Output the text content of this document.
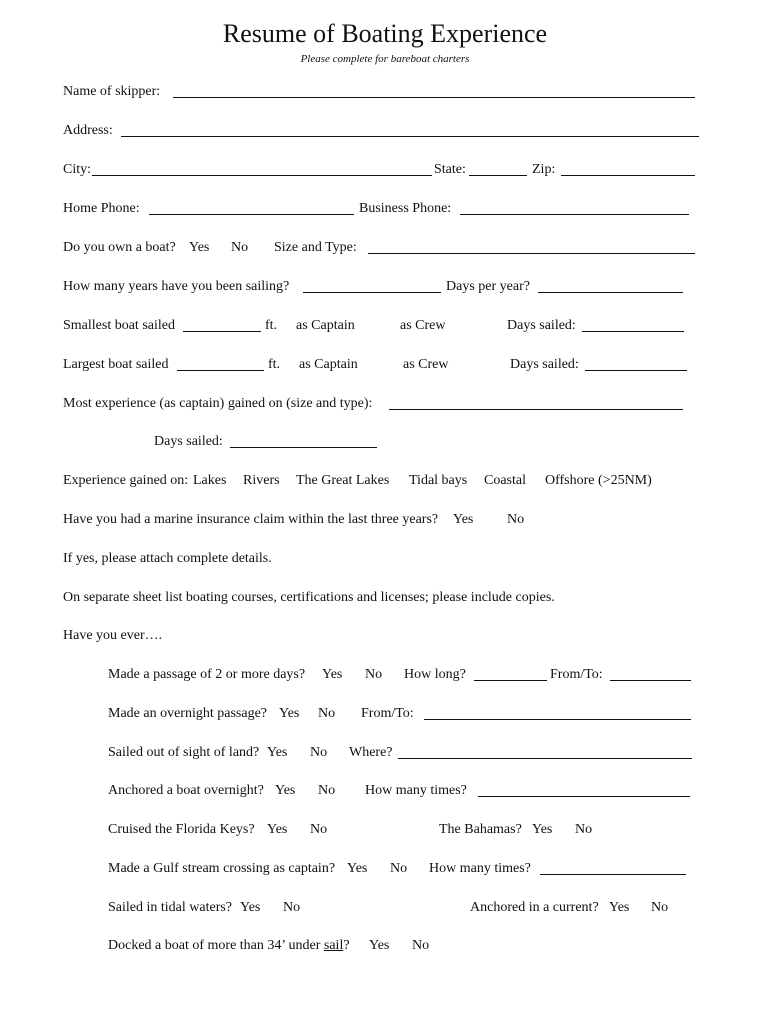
Resume of Boating Experience
Please complete for bareboat charters
Name of skipper:
Address:
City:	State:	Zip:
Home Phone:	Business Phone:
Do you own a boat? Yes No Size and Type:
How many years have you been sailing?	Days per year?
Smallest boat sailed	ft. as Captain	as Crew	Days sailed:
Largest boat sailed	ft. as Captain	as Crew	Days sailed:
Most experience (as captain) gained on (size and type):
Days sailed:
Experience gained on: Lakes Rivers The Great Lakes Tidal bays Coastal Offshore (>25NM)
Have you had a marine insurance claim within the last three years? Yes No
If yes, please attach complete details.
On separate sheet list boating courses, certifications and licenses; please include copies.
Have you ever….
Made a passage of 2 or more days? Yes No How long?	From/To:
Made an overnight passage? Yes No From/To:
Sailed out of sight of land? Yes No Where?
Anchored a boat overnight? Yes No How many times?
Cruised the Florida Keys? Yes No	The Bahamas? Yes No
Made a Gulf stream crossing as captain? Yes No How many times?
Sailed in tidal waters? Yes No	Anchored in a current? Yes No
Docked a boat of more than 34’ under sail? Yes No
